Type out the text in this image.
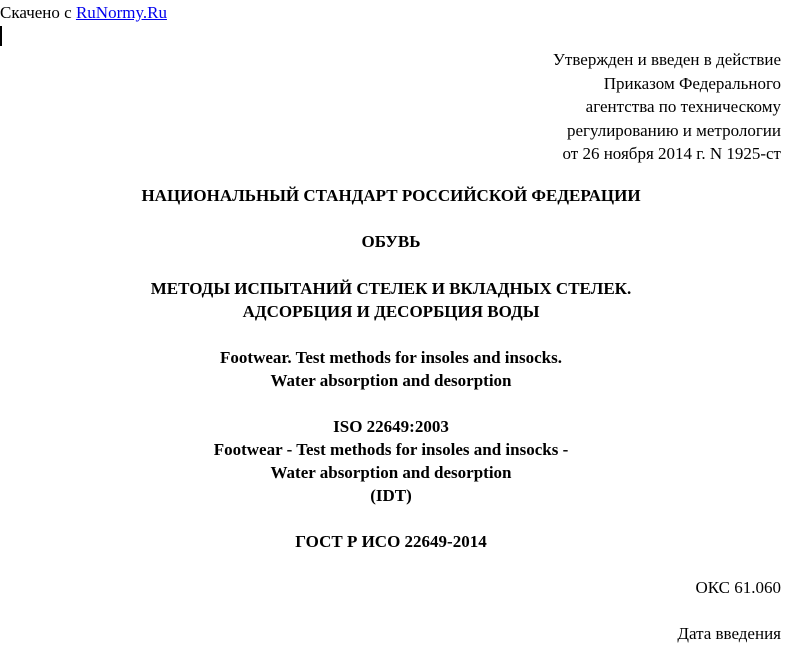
Скачено с RuNormy.Ru
Утвержден и введен в действие
Приказом Федерального
агентства по техническому
регулированию и метрологии
от 26 ноября 2014 г. N 1925-ст
НАЦИОНАЛЬНЫЙ СТАНДАРТ РОССИЙСКОЙ ФЕДЕРАЦИИ
ОБУВЬ
МЕТОДЫ ИСПЫТАНИЙ СТЕЛЕК И ВКЛАДНЫХ СТЕЛЕК.
АДСОРБЦИЯ И ДЕСОРБЦИЯ ВОДЫ
Footwear. Test methods for insoles and insocks.
Water absorption and desorption
ISO 22649:2003
Footwear - Test methods for insoles and insocks -
Water absorption and desorption
(IDT)
ГОСТ Р ИСО 22649-2014
ОКС 61.060
Дата введения
